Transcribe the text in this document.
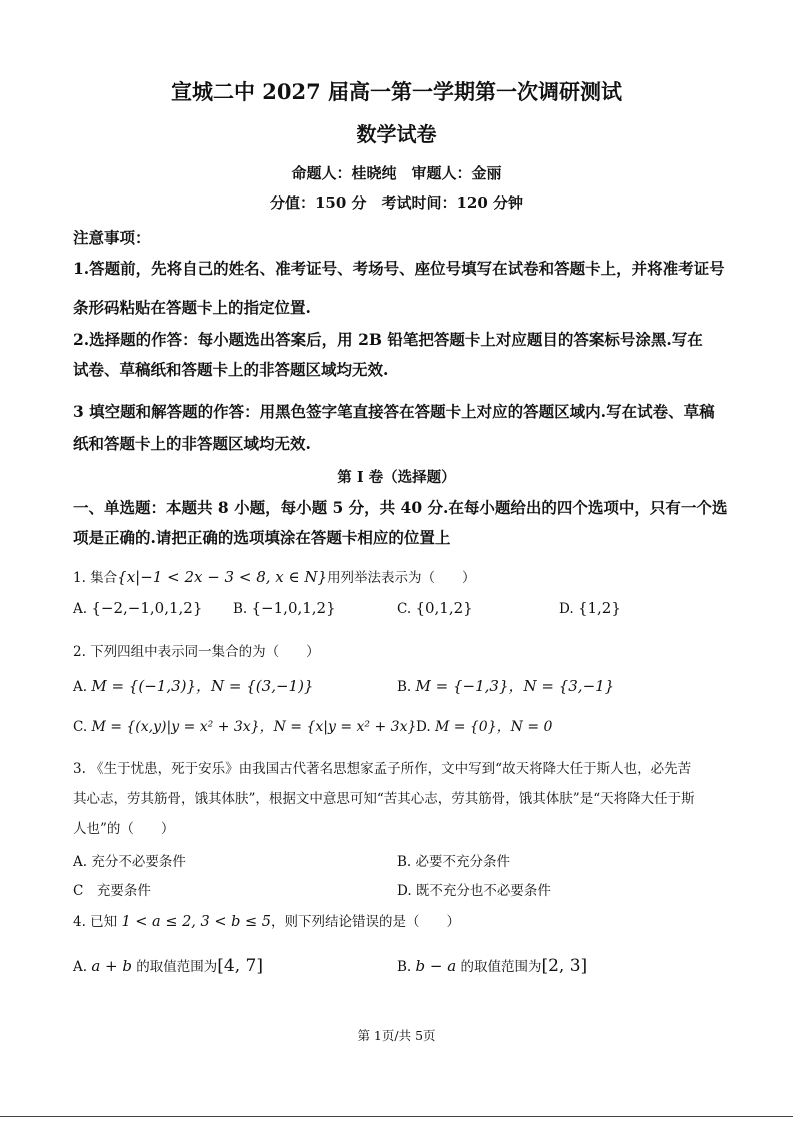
宣城二中 2027 届高一第一学期第一次调研测试
数学试卷
命题人：桂晓纯　审题人：金丽
分值：150 分　考试时间：120 分钟
注意事项：
1.答题前，先将自己的姓名、准考证号、考场号、座位号填写在试卷和答题卡上，并将准考证号
条形码粘贴在答题卡上的指定位置.
2.选择题的作答：每小题选出答案后，用 2B 铅笔把答题卡上对应题目的答案标号涂黑.写在
试卷、草稿纸和答题卡上的非答题区域均无效.
3 填空题和解答题的作答：用黑色签字笔直接答在答题卡上对应的答题区域内.写在试卷、草稿
纸和答题卡上的非答题区域均无效.
第 I 卷（选择题）
一、单选题：本题共 8 小题，每小题 5 分，共 40 分.在每小题给出的四个选项中，只有一个选
项是正确的.请把正确的选项填涂在答题卡相应的位置上
1. 集合{x|−1 < 2x − 3 < 8, x ∈ N}用列举法表示为（　　）
A. {−2,−1,0,1,2} B. {−1,0,1,2}	C. {0,1,2}	D. {1,2}
2. 下列四组中表示同一集合的为（　　）
A. M = {(−1,3)}，N = {(3,−1)}	B. M = {−1,3}，N = {3,−1}
C. M = {(x,y)|y = x² + 3x}，N = {x|y = x² + 3x} D. M = {0}，N = 0
3. 《生于忧患，死于安乐》由我国古代著名思想家孟子所作，文中写到“故天将降大任于斯人也，必先苦
其心志，劳其筋骨，饿其体肤”，根据文中意思可知“苦其心志，劳其筋骨，饿其体肤”是“天将降大任于斯
人也”的（　　）
A. 充分不必要条件	B. 必要不充分条件
C　充要条件	D. 既不充分也不必要条件
4. 已知 1 < a ≤ 2, 3 < b ≤ 5，则下列结论错误的是（　　）
A. a + b 的取值范围为[4, 7]	B. b − a 的取值范围为[2, 3]
第 1页/共 5页
